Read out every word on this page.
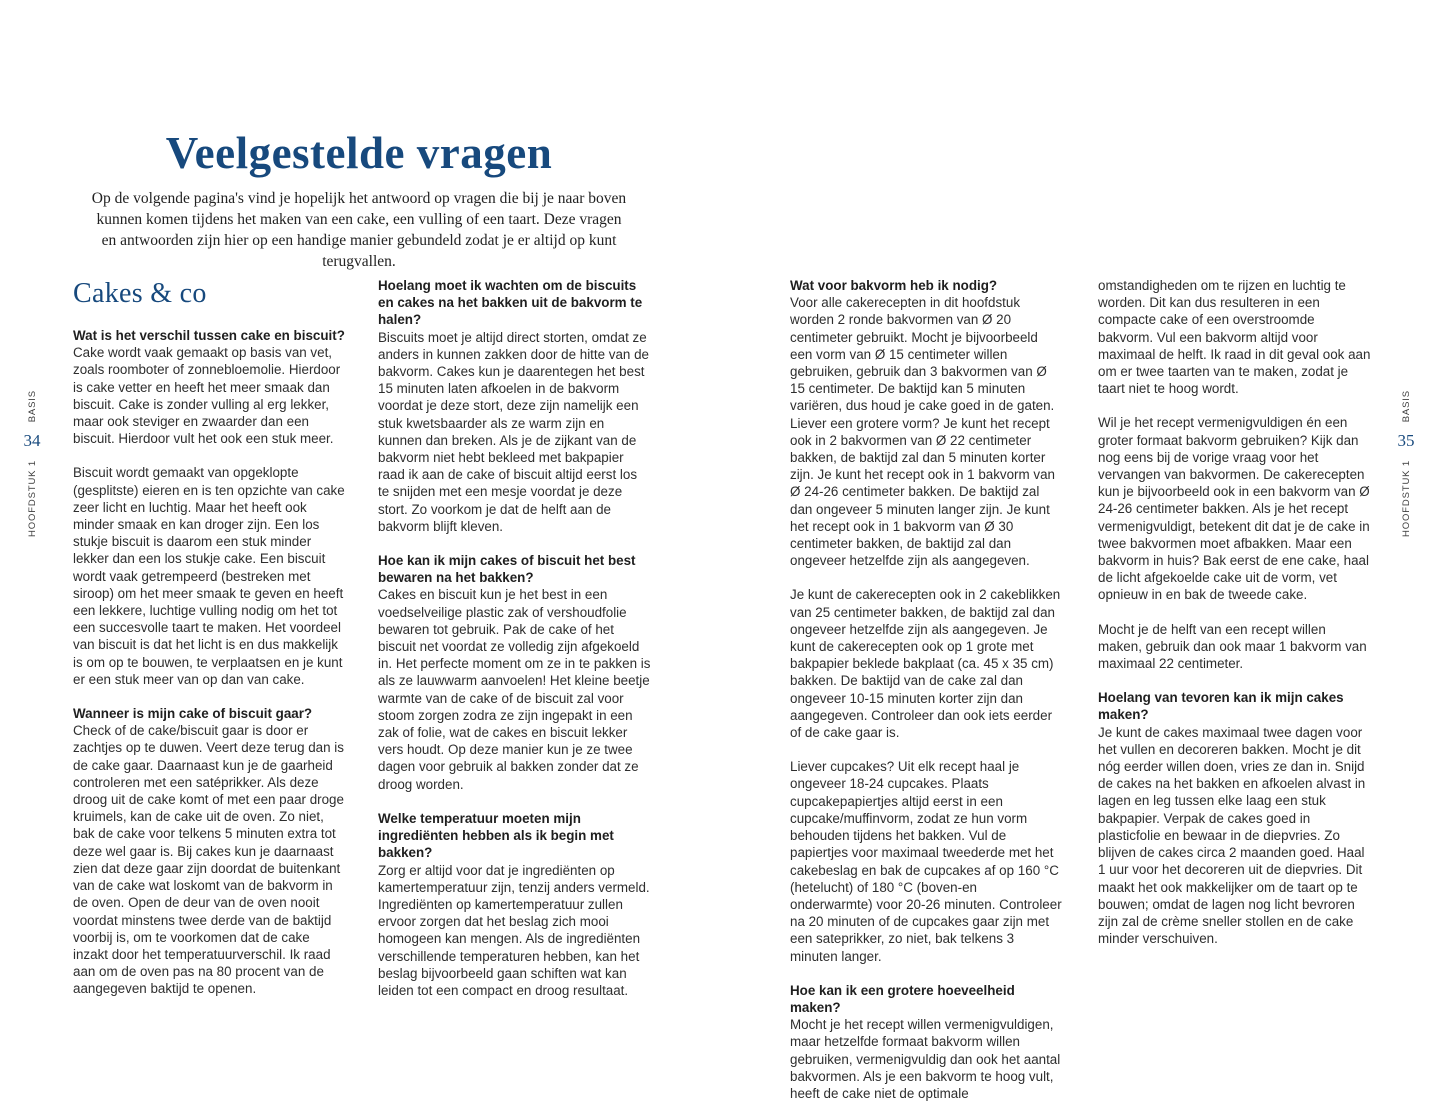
BASIS
34
HOOFDSTUK 1
BASIS
35
HOOFDSTUK 1
Veelgestelde vragen

Op de volgende pagina's vind je hopelijk het antwoord op vragen die bij je naar boven kunnen komen tijdens het maken van een cake, een vulling of een taart. Deze vragen en antwoorden zijn hier op een handige manier gebundeld zodat je er altijd op kunt terugvallen.

Cakes & co
Wat is het verschil tussen cake en biscuit?

Cake wordt vaak gemaakt op basis van vet, zoals roomboter of zonnebloemolie. Hierdoor is cake vetter en heeft het meer smaak dan biscuit. Cake is zonder vulling al erg lekker, maar ook steviger en zwaarder dan een biscuit. Hierdoor vult het ook een stuk meer.

Biscuit wordt gemaakt van opgeklopte (gesplitste) eieren en is ten opzichte van cake zeer licht en luchtig. Maar het heeft ook minder smaak en kan droger zijn. Een los stukje biscuit is daarom een stuk minder lekker dan een los stukje cake. Een biscuit wordt vaak getrempeerd (bestreken met siroop) om het meer smaak te geven en heeft een lekkere, luchtige vulling nodig om het tot een succesvolle taart te maken. Het voordeel van biscuit is dat het licht is en dus makkelijk is om op te bouwen, te verplaatsen en je kunt er een stuk meer van op dan van cake.

Wanneer is mijn cake of biscuit gaar?

Check of de cake/biscuit gaar is door er zachtjes op te duwen. Veert deze terug dan is de cake gaar. Daarnaast kun je de gaarheid controleren met een satéprikker. Als deze droog uit de cake komt of met een paar droge kruimels, kan de cake uit de oven. Zo niet, bak de cake voor telkens 5 minuten extra tot deze wel gaar is. Bij cakes kun je daarnaast zien dat deze gaar zijn doordat de buitenkant van de cake wat loskomt van de bakvorm in de oven. Open de deur van de oven nooit voordat minstens twee derde van de baktijd voorbij is, om te voorkomen dat de cake inzakt door het temperatuurverschil. Ik raad aan om de oven pas na 80 procent van de aangegeven baktijd te openen.

Hoelang moet ik wachten om de biscuits en cakes na het bakken uit de bakvorm te halen?

Biscuits moet je altijd direct storten, omdat ze anders in kunnen zakken door de hitte van de bakvorm. Cakes kun je daarentegen het best 15 minuten laten afkoelen in de bakvorm voordat je deze stort, deze zijn namelijk een stuk kwetsbaarder als ze warm zijn en kunnen dan breken. Als je de zijkant van de bakvorm niet hebt bekleed met bakpapier raad ik aan de cake of biscuit altijd eerst los te snijden met een mesje voordat je deze stort. Zo voorkom je dat de helft aan de bakvorm blijft kleven.

Hoe kan ik mijn cakes of biscuit het best bewaren na het bakken?

Cakes en biscuit kun je het best in een voedselveilige plastic zak of vershoudfolie bewaren tot gebruik. Pak de cake of het biscuit net voordat ze volledig zijn afgekoeld in. Het perfecte moment om ze in te pakken is als ze lauwwarm aanvoelen! Het kleine beetje warmte van de cake of de biscuit zal voor stoom zorgen zodra ze zijn ingepakt in een zak of folie, wat de cakes en biscuit lekker vers houdt. Op deze manier kun je ze twee dagen voor gebruik al bakken zonder dat ze droog worden.

Welke temperatuur moeten mijn ingrediënten hebben als ik begin met bakken?

Zorg er altijd voor dat je ingrediënten op kamertemperatuur zijn, tenzij anders vermeld. Ingrediënten op kamertemperatuur zullen ervoor zorgen dat het beslag zich mooi homogeen kan mengen. Als de ingrediënten verschillende temperaturen hebben, kan het beslag bijvoorbeeld gaan schiften wat kan leiden tot een compact en droog resultaat.

Wat voor bakvorm heb ik nodig?

Voor alle cakerecepten in dit hoofdstuk worden 2 ronde bakvormen van Ø 20 centimeter gebruikt. Mocht je bijvoorbeeld een vorm van Ø 15 centimeter willen gebruiken, gebruik dan 3 bakvormen van Ø 15 centimeter. De baktijd kan 5 minuten variëren, dus houd je cake goed in de gaten. Liever een grotere vorm? Je kunt het recept ook in 2 bakvormen van Ø 22 centimeter bakken, de baktijd zal dan 5 minuten korter zijn. Je kunt het recept ook in 1 bakvorm van Ø 24-26 centimeter bakken. De baktijd zal dan ongeveer 5 minuten langer zijn. Je kunt het recept ook in 1 bakvorm van Ø 30 centimeter bakken, de baktijd zal dan ongeveer hetzelfde zijn als aangegeven.

Je kunt de cakerecepten ook in 2 cakeblikken van 25 centimeter bakken, de baktijd zal dan ongeveer hetzelfde zijn als aangegeven. Je kunt de cakerecepten ook op 1 grote met bakpapier beklede bakplaat (ca. 45 x 35 cm) bakken. De baktijd van de cake zal dan ongeveer 10-15 minuten korter zijn dan aangegeven. Controleer dan ook iets eerder of de cake gaar is.

Liever cupcakes? Uit elk recept haal je ongeveer 18-24 cupcakes. Plaats cupcakepapiertjes altijd eerst in een cupcake/muffinvorm, zodat ze hun vorm behouden tijdens het bakken. Vul de papiertjes voor maximaal tweederde met het cakebeslag en bak de cupcakes af op 160 °C (hetelucht) of 180 °C (boven-en onderwarmte) voor 20-26 minuten. Controleer na 20 minuten of de cupcakes gaar zijn met een sateprikker, zo niet, bak telkens 3 minuten langer.

Hoe kan ik een grotere hoeveelheid maken?

Mocht je het recept willen vermenigvuldigen, maar hetzelfde formaat bakvorm willen gebruiken, vermenigvuldig dan ook het aantal bakvormen. Als je een bakvorm te hoog vult, heeft de cake niet de optimale

omstandigheden om te rijzen en luchtig te worden. Dit kan dus resulteren in een compacte cake of een overstroomde bakvorm. Vul een bakvorm altijd voor maximaal de helft. Ik raad in dit geval ook aan om er twee taarten van te maken, zodat je taart niet te hoog wordt.

Wil je het recept vermenigvuldigen én een groter formaat bakvorm gebruiken? Kijk dan nog eens bij de vorige vraag voor het vervangen van bakvormen. De cakerecepten kun je bijvoorbeeld ook in een bakvorm van Ø 24-26 centimeter bakken. Als je het recept vermenigvuldigt, betekent dit dat je de cake in twee bakvormen moet afbakken. Maar een bakvorm in huis? Bak eerst de ene cake, haal de licht afgekoelde cake uit de vorm, vet opnieuw in en bak de tweede cake.

Mocht je de helft van een recept willen maken, gebruik dan ook maar 1 bakvorm van maximaal 22 centimeter.

Hoelang van tevoren kan ik mijn cakes maken?

Je kunt de cakes maximaal twee dagen voor het vullen en decoreren bakken. Mocht je dit nóg eerder willen doen, vries ze dan in. Snijd de cakes na het bakken en afkoelen alvast in lagen en leg tussen elke laag een stuk bakpapier. Verpak de cakes goed in plasticfolie en bewaar in de diepvries. Zo blijven de cakes circa 2 maanden goed. Haal 1 uur voor het decoreren uit de diepvries. Dit maakt het ook makkelijker om de taart op te bouwen; omdat de lagen nog licht bevroren zijn zal de crème sneller stollen en de cake minder verschuiven.
